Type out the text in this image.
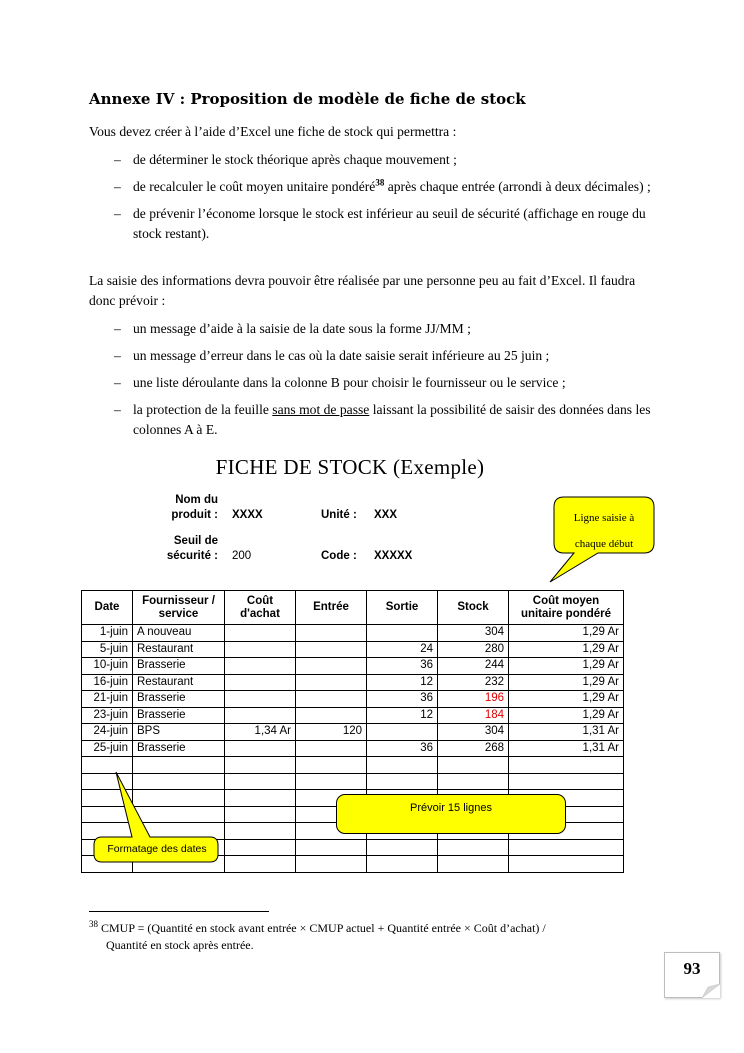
Annexe IV : Proposition de modèle de fiche de stock
Vous devez créer à l’aide d’Excel une fiche de stock qui permettra :
– de déterminer le stock théorique après chaque mouvement ;
– de recalculer le coût moyen unitaire pondéré$^{38}$ après chaque entrée (arrondi à deux décimales) ;
– de prévenir l’économe lorsque le stock est inférieur au seuil de sécurité (affichage en rouge du stock restant).
La saisie des informations devra pouvoir être réalisée par une personne peu au fait d’Excel. Il faudra donc prévoir :
– un message d’aide à la saisie de la date sous la forme JJ/MM ;
– un message d’erreur dans le cas où la date saisie serait inférieure au 25 juin ;
– une liste déroulante dans la colonne B pour choisir le fournisseur ou le service ;
– la protection de la feuille sans mot de passe laissant la possibilité de saisir des données dans les colonnes A à E.
FICHE DE STOCK (Exemple)
Nom du
produit : XXXX	Unité : XXX
Seuil de
sécurité : 200	Code : XXXXX
Ligne saisie à
chaque début
Date	Fournisseur / service	Coût d'achat	Entrée	Sortie	Stock	Coût moyen unitaire pondéré
1-juin	A nouveau				304	1,29 Ar
5-juin	Restaurant			24	280	1,29 Ar
10-juin	Brasserie			36	244	1,29 Ar
16-juin	Restaurant			12	232	1,29 Ar
21-juin	Brasserie			36	196	1,29 Ar
23-juin	Brasserie			12	184	1,29 Ar
24-juin	BPS	1,34 Ar	120		304	1,31 Ar
25-juin	Brasserie			36	268	1,31 Ar

Prévoir 15 lignes
Formatage des dates
$^{38}$ CMUP = (Quantité en stock avant entrée × CMUP actuel + Quantité entrée × Coût d’achat) /
Quantité en stock après entrée.
93
